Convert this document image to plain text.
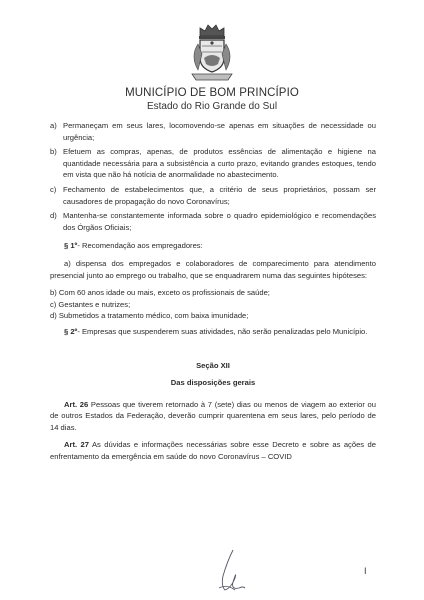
MUNICÍPIO DE BOM PRINCÍPIO
Estado do Rio Grande do Sul
a) Permaneçam em seus lares, locomovendo-se apenas em situações de necessidade ou urgência;
b) Efetuem as compras, apenas, de produtos essências de alimentação e higiene na quantidade necessária para a subsistência a curto prazo, evitando grandes estoques, tendo em vista que não há notícia de anormalidade no abastecimento.
c) Fechamento de estabelecimentos que, a critério de seus proprietários, possam ser causadores de propagação do novo Coronavírus;
d) Mantenha-se constantemente informada sobre o quadro epidemiológico e recomendações dos Órgãos Oficiais;

§ 1º- Recomendação aos empregadores:

a) dispensa dos empregados e colaboradores de comparecimento para atendimento presencial junto ao emprego ou trabalho, que se enquadrarem numa das seguintes hipóteses:

b) Com 60 anos idade ou mais, exceto os profissionais de saúde;

c) Gestantes e nutrizes;

d) Submetidos a tratamento médico, com baixa imunidade;

§ 2º- Empresas que suspenderem suas atividades, não serão penalizadas pelo Município.

Seção XII

Das disposições gerais

Art. 26 Pessoas que tiverem retornado à 7 (sete) dias ou menos de viagem ao exterior ou de outros Estados da Federação, deverão cumprir quarentena em seus lares, pelo período de 14 dias.

Art. 27 As dúvidas e informações necessárias sobre esse Decreto e sobre as ações de enfrentamento da emergência em saúde do novo Coronavírus – COVID

I
